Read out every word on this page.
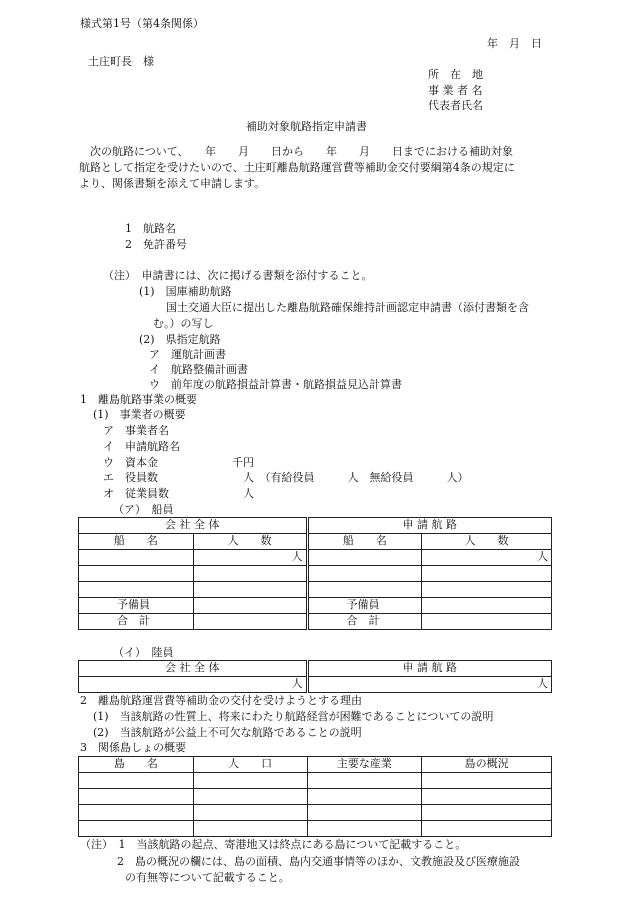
様式第1号（第4条関係）
年　月　日
土庄町長　様
所　在　地
事 業 者 名
代表者氏名
補助対象航路指定申請書
次の航路について、　　年　　月　　日から　　年　　月　　日までにおける補助対象
航路として指定を受けたいので、土庄町離島航路運営費等補助金交付要綱第4条の規定に
より、関係書類を添えて申請します。
1　航路名
2　免許番号
（注）　申請書には、次に掲げる書類を添付すること。
(1)　国庫補助航路
国土交通大臣に提出した離島航路確保維持計画認定申請書（添付書類を含
む。）の写し
(2)　県指定航路
ア　運航計画書
イ　航路整備計画書
ウ　前年度の航路損益計算書・航路損益見込計算書
1　離島航路事業の概要
(1)　事業者の概要
ア　事業者名
イ　申請航路名
ウ　資本金	千円
エ　役員数	人　（有給役員　　　人　無給役員　　　人）
オ　従業員数	人
（ア）　船員
会 社 全 体		申 請 航 路	
船　　名	人　　数	船　　名	人　　数
	人		人

予備員		予備員	
合　計		合　計	
（イ）　陸員
会 社 全 体	申 請 航 路
人	人
2　離島航路運営費等補助金の交付を受けようとする理由
(1)　当該航路の性質上、将来にわたり航路経営が困難であることについての説明
(2)　当該航路が公益上不可欠な航路であることの説明
3　関係島しょの概要
島　　名	人　　口	主要な産業	島の概況

（注）　1　当該航路の起点、寄港地又は終点にある島について記載すること。
2　島の概況の欄には、島の面積、島内交通事情等のほか、文教施設及び医療施設
の有無等について記載すること。
